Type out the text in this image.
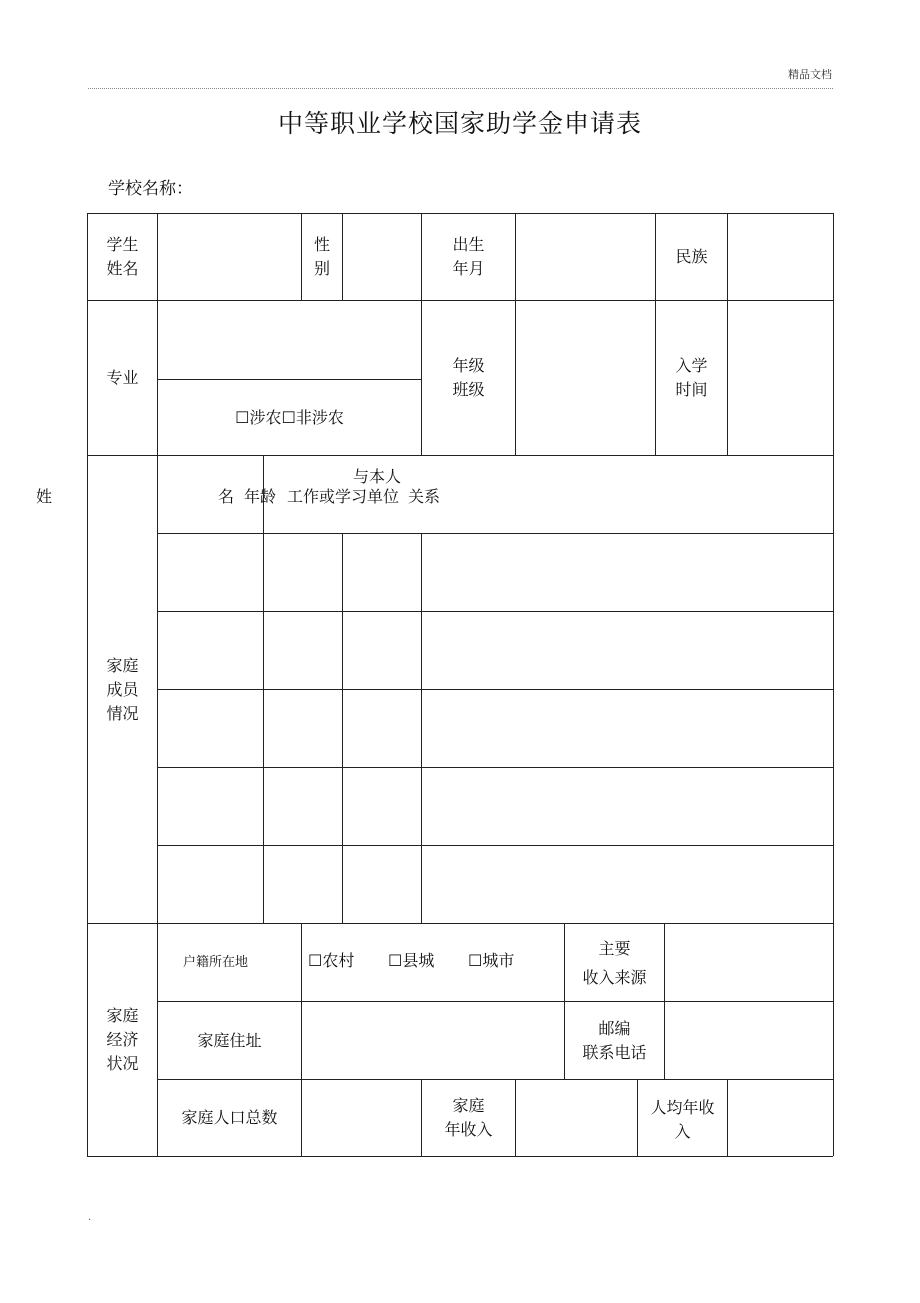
精品文档
中等职业学校国家助学金申请表
学校名称：
姓
学生
姓名
性
别
出生
年月
民族
专业
☐涉农☐非涉农
年级
班级
入学
时间
家庭
成员
情况
与本人
名 年龄 工作或学习单位 关系
家庭
经济
状况
户籍所在地	☐农村 ☐县城 ☐城市
主要
收入来源
家庭住址
邮编
联系电话
家庭人口总数
家庭
年收入
人均年收
入
.
